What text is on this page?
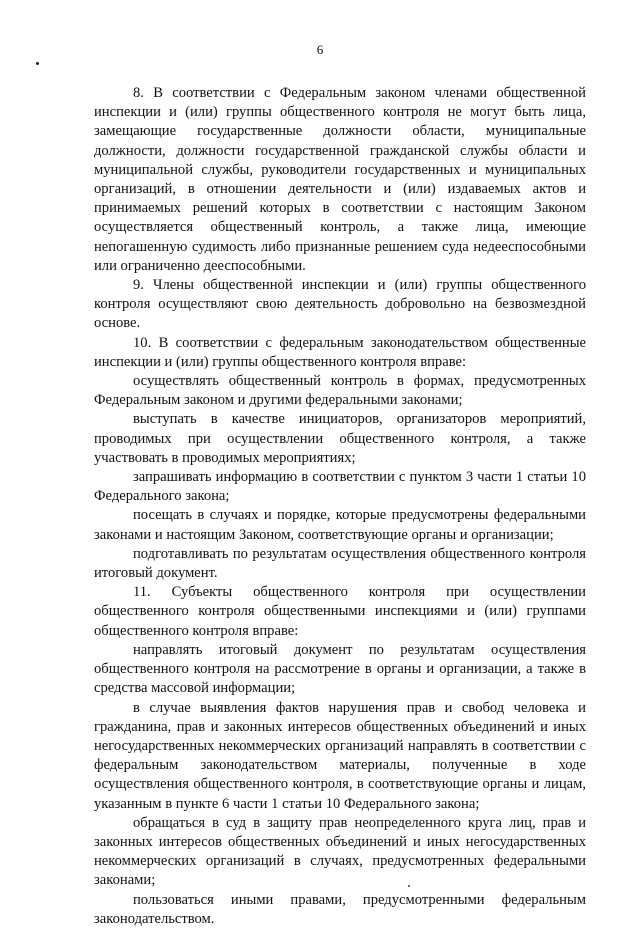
6

8. В соответствии с Федеральным законом членами общественной инспекции и (или) группы общественного контроля не могут быть лица, замещающие государственные должности области, муниципальные должности, должности государственной гражданской службы области и муниципальной службы, руководители государственных и муниципальных организаций, в отношении деятельности и (или) издаваемых актов и принимаемых решений которых в соответствии с настоящим Законом осуществляется общественный контроль, а также лица, имеющие непогашенную судимость либо признанные решением суда недееспособными или ограниченно дееспособными.

9. Члены общественной инспекции и (или) группы общественного контроля осуществляют свою деятельность добровольно на безвозмездной основе.

10. В соответствии с федеральным законодательством общественные инспекции и (или) группы общественного контроля вправе:

осуществлять общественный контроль в формах, предусмотренных Федеральным законом и другими федеральными законами;

выступать в качестве инициаторов, организаторов мероприятий, проводимых при осуществлении общественного контроля, а также участвовать в проводимых мероприятиях;

запрашивать информацию в соответствии с пунктом 3 части 1 статьи 10 Федерального закона;

посещать в случаях и порядке, которые предусмотрены федеральными законами и настоящим Законом, соответствующие органы и организации;

подготавливать по результатам осуществления общественного контроля итоговый документ.

11. Субъекты общественного контроля при осуществлении общественного контроля общественными инспекциями и (или) группами общественного контроля вправе:

направлять итоговый документ по результатам осуществления общественного контроля на рассмотрение в органы и организации, а также в средства массовой информации;

в случае выявления фактов нарушения прав и свобод человека и гражданина, прав и законных интересов общественных объединений и иных негосударственных некоммерческих организаций направлять в соответствии с федеральным законодательством материалы, полученные в ходе осуществления общественного контроля, в соответствующие органы и лицам, указанным в пункте 6 части 1 статьи 10 Федерального закона;

обращаться в суд в защиту прав неопределенного круга лиц, прав и законных интересов общественных объединений и иных негосударственных некоммерческих организаций в случаях, предусмотренных федеральными законами;

пользоваться иными правами, предусмотренными федеральным законодательством.
